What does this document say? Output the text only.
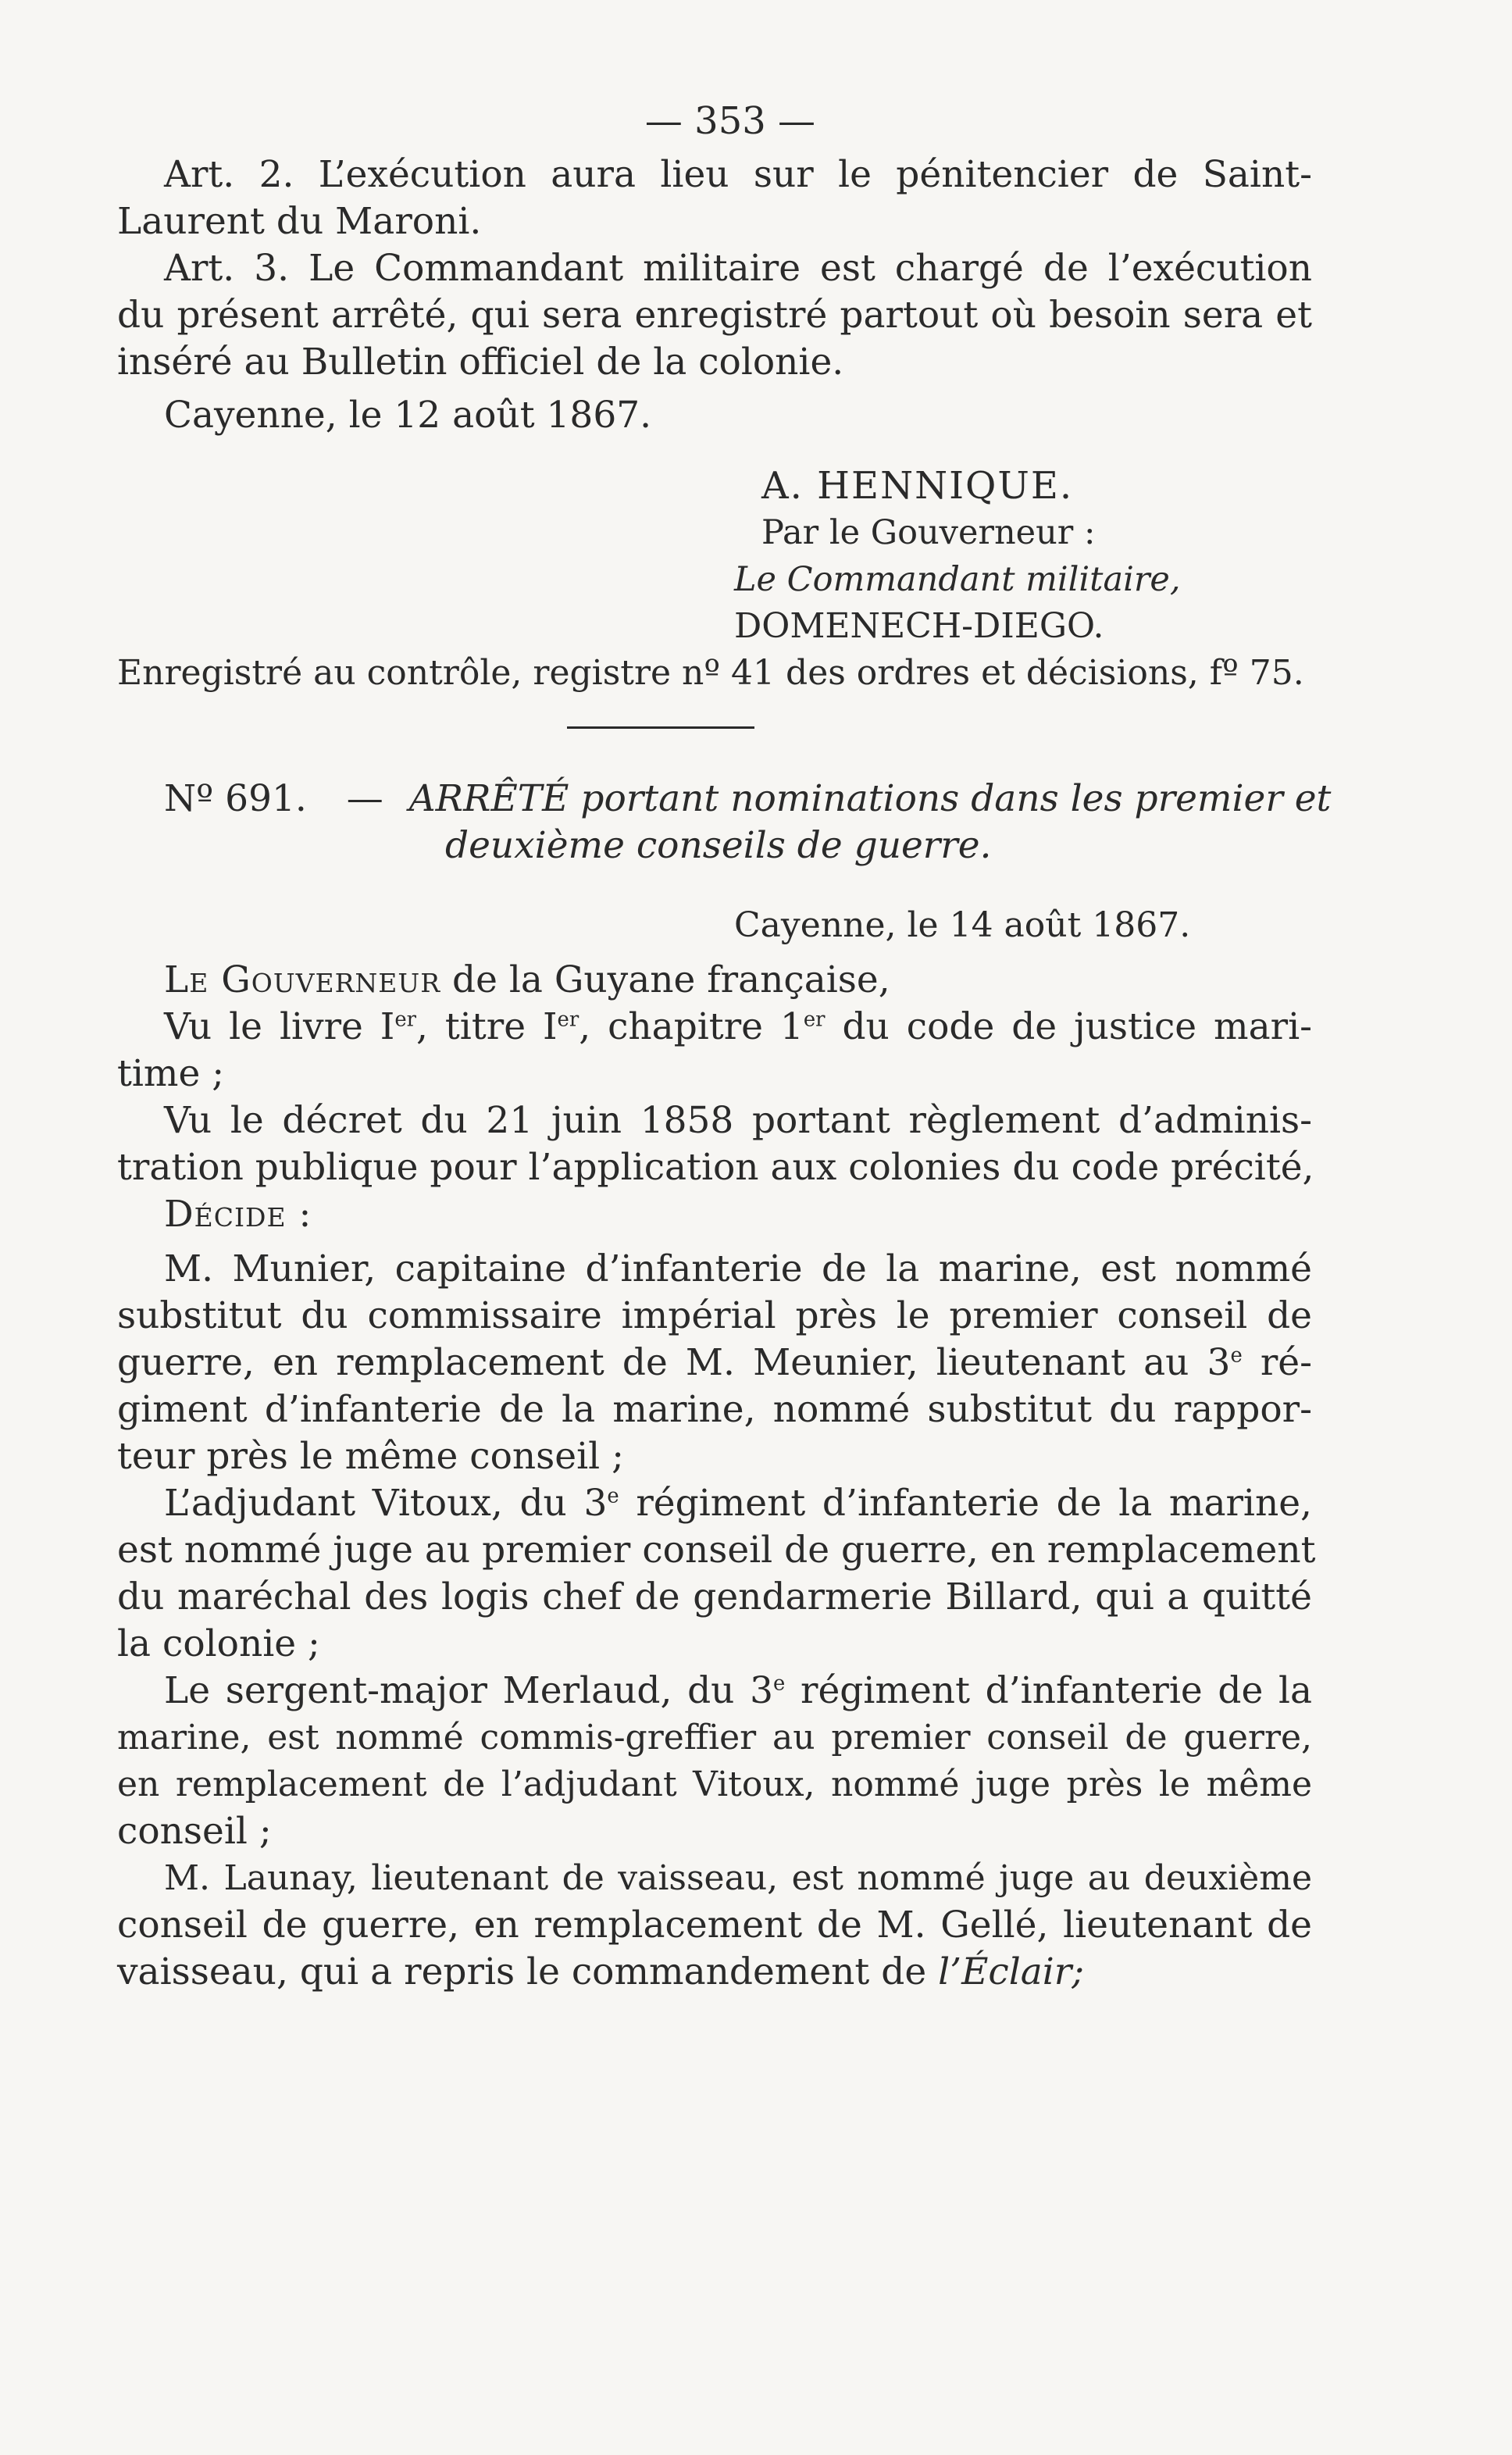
— 353 —
Art. 2. L’exécution aura lieu sur le pénitencier de Saint-
Laurent du Maroni.
Art. 3. Le Commandant militaire est chargé de l’exécution
du présent arrêté, qui sera enregistré partout où besoin sera et
inséré au Bulletin officiel de la colonie.
Cayenne, le 12 août 1867.
A. HENNIQUE.
Par le Gouverneur :
Le Commandant militaire,
DOMENECH-DIEGO.
Enregistré au contrôle, registre nº 41 des ordres et décisions, fº 75.
Nº 691. — ARRÊTÉ portant nominations dans les premier et
deuxième conseils de guerre.
Cayenne, le 14 août 1867.
Le Gouverneur de la Guyane française,
Vu le livre Ier, titre Ier, chapitre 1er du code de justice mari-
time ;
Vu le décret du 21 juin 1858 portant règlement d’adminis-
tration publique pour l’application aux colonies du code précité,
Décide :
M. Munier, capitaine d’infanterie de la marine, est nommé
substitut du commissaire impérial près le premier conseil de
guerre, en remplacement de M. Meunier, lieutenant au 3e ré-
giment d’infanterie de la marine, nommé substitut du rappor-
teur près le même conseil ;
L’adjudant Vitoux, du 3e régiment d’infanterie de la marine,
est nommé juge au premier conseil de guerre, en remplacement
du maréchal des logis chef de gendarmerie Billard, qui a quitté
la colonie ;
Le sergent-major Merlaud, du 3e régiment d’infanterie de la
marine, est nommé commis-greffier au premier conseil de guerre,
en remplacement de l’adjudant Vitoux, nommé juge près le même
conseil ;
M. Launay, lieutenant de vaisseau, est nommé juge au deuxième
conseil de guerre, en remplacement de M. Gellé, lieutenant de
vaisseau, qui a repris le commandement de l’Éclair;
